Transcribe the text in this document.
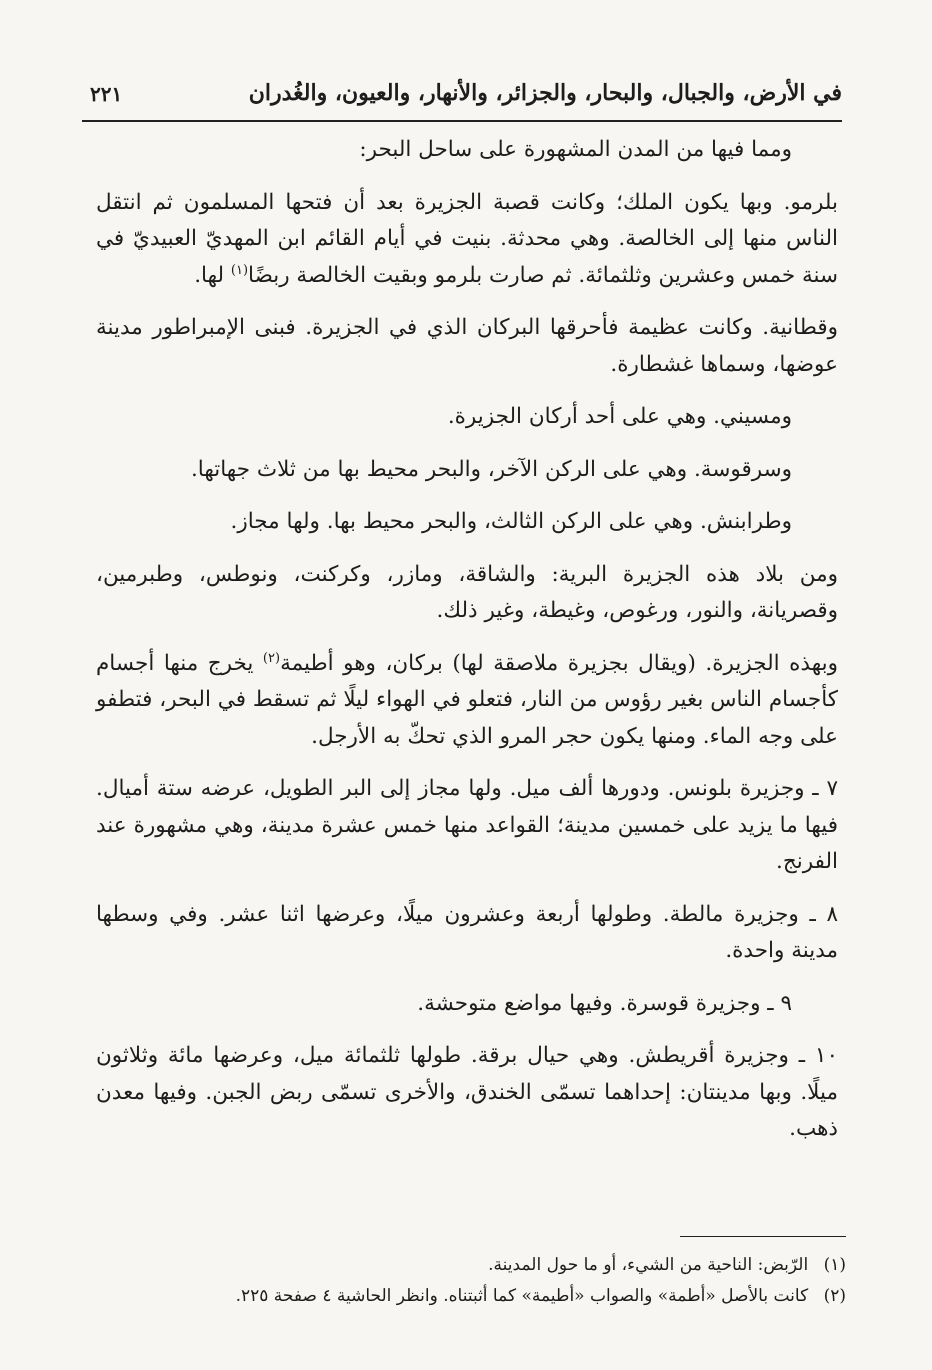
في الأرض، والجبال، والبحار، والجزائر، والأنهار، والعيون، والغُدران
٢٢١

ومما فيها من المدن المشهورة على ساحل البحر:

بلرمو. وبها يكون الملك؛ وكانت قصبة الجزيرة بعد أن فتحها المسلمون ثم انتقل الناس منها إلى الخالصة. وهي محدثة. بنيت في أيام القائم ابن المهديّ العبيديّ في سنة خمس وعشرين وثلثمائة. ثم صارت بلرمو وبقيت الخالصة ربضًا$^{(١)}$ لها.

وقطانية. وكانت عظيمة فأحرقها البركان الذي في الجزيرة. فبنى الإمبراطور مدينة عوضها، وسماها غشطارة.

ومسيني. وهي على أحد أركان الجزيرة.

وسرقوسة. وهي على الركن الآخر، والبحر محيط بها من ثلاث جهاتها.

وطرابنش. وهي على الركن الثالث، والبحر محيط بها. ولها مجاز.

ومن بلاد هذه الجزيرة البرية: والشاقة، ومازر، وكركنت، ونوطس، وطبرمين، وقصريانة، والنور، ورغوص، وغيطة، وغير ذلك.

وبهذه الجزيرة. (ويقال بجزيرة ملاصقة لها) بركان، وهو أطيمة$^{(٢)}$ يخرج منها أجسام كأجسام الناس بغير رؤوس من النار، فتعلو في الهواء ليلًا ثم تسقط في البحر، فتطفو على وجه الماء. ومنها يكون حجر المرو الذي تحكّ به الأرجل.

٧ ـ وجزيرة بلونس. ودورها ألف ميل. ولها مجاز إلى البر الطويل، عرضه ستة أميال. فيها ما يزيد على خمسين مدينة؛ القواعد منها خمس عشرة مدينة، وهي مشهورة عند الفرنج.

٨ ـ وجزيرة مالطة. وطولها أربعة وعشرون ميلًا، وعرضها اثنا عشر. وفي وسطها مدينة واحدة.

٩ ـ وجزيرة قوسرة. وفيها مواضع متوحشة.

١٠ ـ وجزيرة أقريطش. وهي حيال برقة. طولها ثلثمائة ميل، وعرضها مائة وثلاثون ميلًا. وبها مدينتان: إحداهما تسمّى الخندق، والأخرى تسمّى ربض الجبن. وفيها معدن ذهب.

(١) الرّبض: الناحية من الشيء، أو ما حول المدينة.

(٢) كانت بالأصل «أطمة» والصواب «أطيمة» كما أثبتناه. وانظر الحاشية ٤ صفحة ٢٢٥.
